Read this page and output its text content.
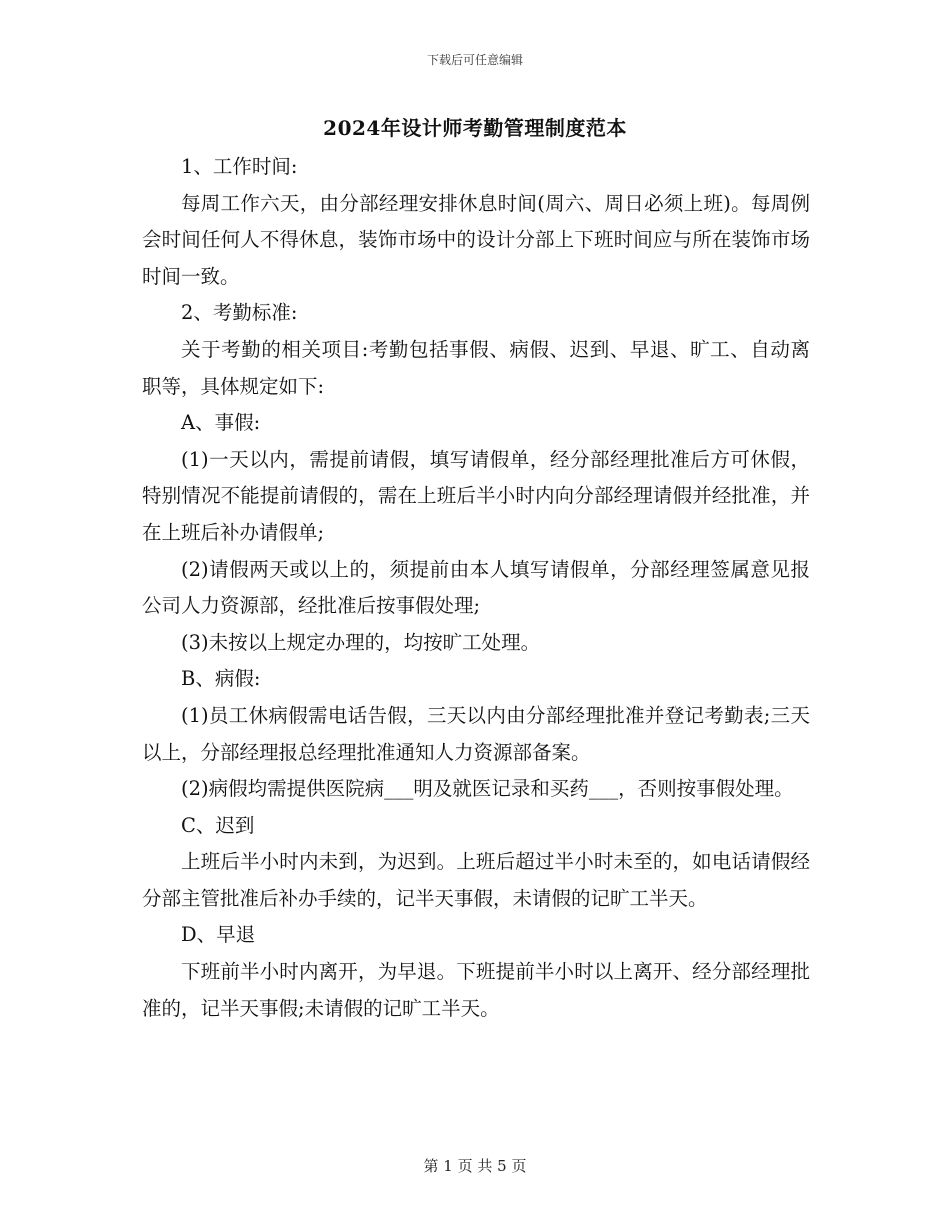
下载后可任意编辑
2024年设计师考勤管理制度范本

1、工作时间:

每周工作六天，由分部经理安排休息时间(周六、周日必须上班)。每周例会时间任何人不得休息，装饰市场中的设计分部上下班时间应与所在装饰市场时间一致。

2、考勤标准:

关于考勤的相关项目:考勤包括事假、病假、迟到、早退、旷工、自动离职等，具体规定如下:

A、事假:

(1)一天以内，需提前请假，填写请假单，经分部经理批准后方可休假，特别情况不能提前请假的，需在上班后半小时内向分部经理请假并经批准，并在上班后补办请假单;

(2)请假两天或以上的，须提前由本人填写请假单，分部经理签属意见报公司人力资源部，经批准后按事假处理;

(3)未按以上规定办理的，均按旷工处理。

B、病假:

(1)员工休病假需电话告假，三天以内由分部经理批准并登记考勤表;三天以上，分部经理报总经理批准通知人力资源部备案。

(2)病假均需提供医院病___明及就医记录和买药___，否则按事假处理。

C、迟到

上班后半小时内未到，为迟到。上班后超过半小时未至的，如电话请假经分部主管批准后补办手续的，记半天事假，未请假的记旷工半天。

D、早退

下班前半小时内离开，为早退。下班提前半小时以上离开、经分部经理批准的，记半天事假;未请假的记旷工半天。

第 1 页 共 5 页
